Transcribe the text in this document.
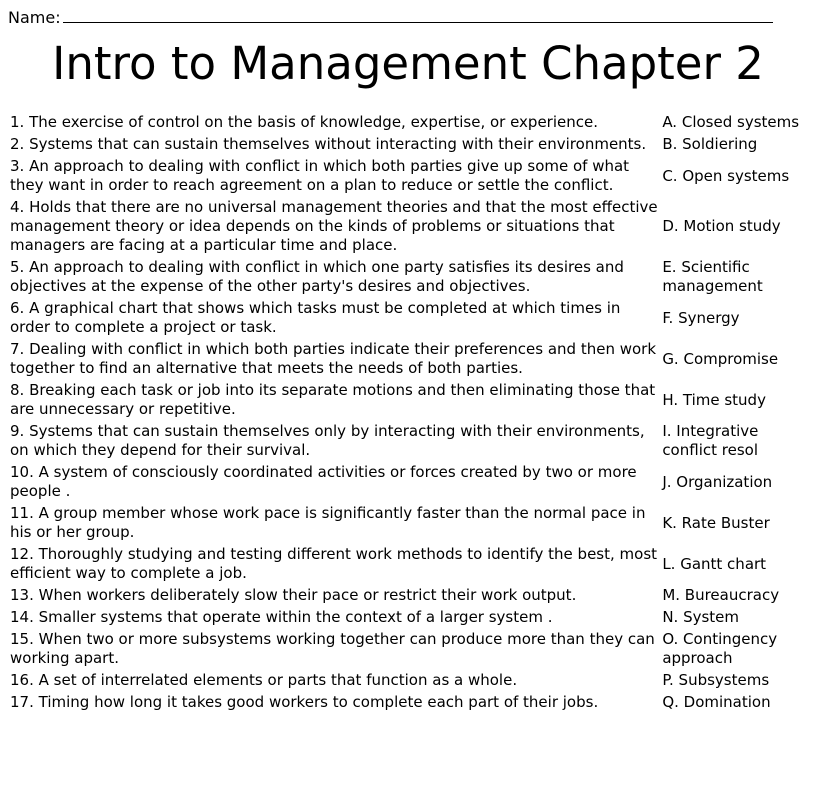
Name:
Intro to Management Chapter 2
1. The exercise of control on the basis of knowledge, expertise, or experience.	A. Closed systems
2. Systems that can sustain themselves without interacting with their environments.	B. Soldiering
3. An approach to dealing with conflict in which both parties give up some of what they want in order to reach agreement on a plan to reduce or settle the conflict.	C. Open systems
4. Holds that there are no universal management theories and that the most effective management theory or idea depends on the kinds of problems or situations that managers are facing at a particular time and place.	D. Motion study
5. An approach to dealing with conflict in which one party satisfies its desires and objectives at the expense of the other party's desires and objectives.	E. Scientific management
6. A graphical chart that shows which tasks must be completed at which times in order to complete a project or task.	F. Synergy
7. Dealing with conflict in which both parties indicate their preferences and then work together to find an alternative that meets the needs of both parties.	G. Compromise
8. Breaking each task or job into its separate motions and then eliminating those that are unnecessary or repetitive.	H. Time study
9. Systems that can sustain themselves only by interacting with their environments, on which they depend for their survival.	I. Integrative conflict resol
10. A system of consciously coordinated activities or forces created by two or more people .	J. Organization
11. A group member whose work pace is significantly faster than the normal pace in his or her group.	K. Rate Buster
12. Thoroughly studying and testing different work methods to identify the best, most efficient way to complete a job.	L. Gantt chart
13. When workers deliberately slow their pace or restrict their work output.	M. Bureaucracy
14. Smaller systems that operate within the context of a larger system .	N. System
15. When two or more subsystems working together can produce more than they can working apart.	O. Contingency approach
16. A set of interrelated elements or parts that function as a whole.	P. Subsystems
17. Timing how long it takes good workers to complete each part of their jobs.	Q. Domination
